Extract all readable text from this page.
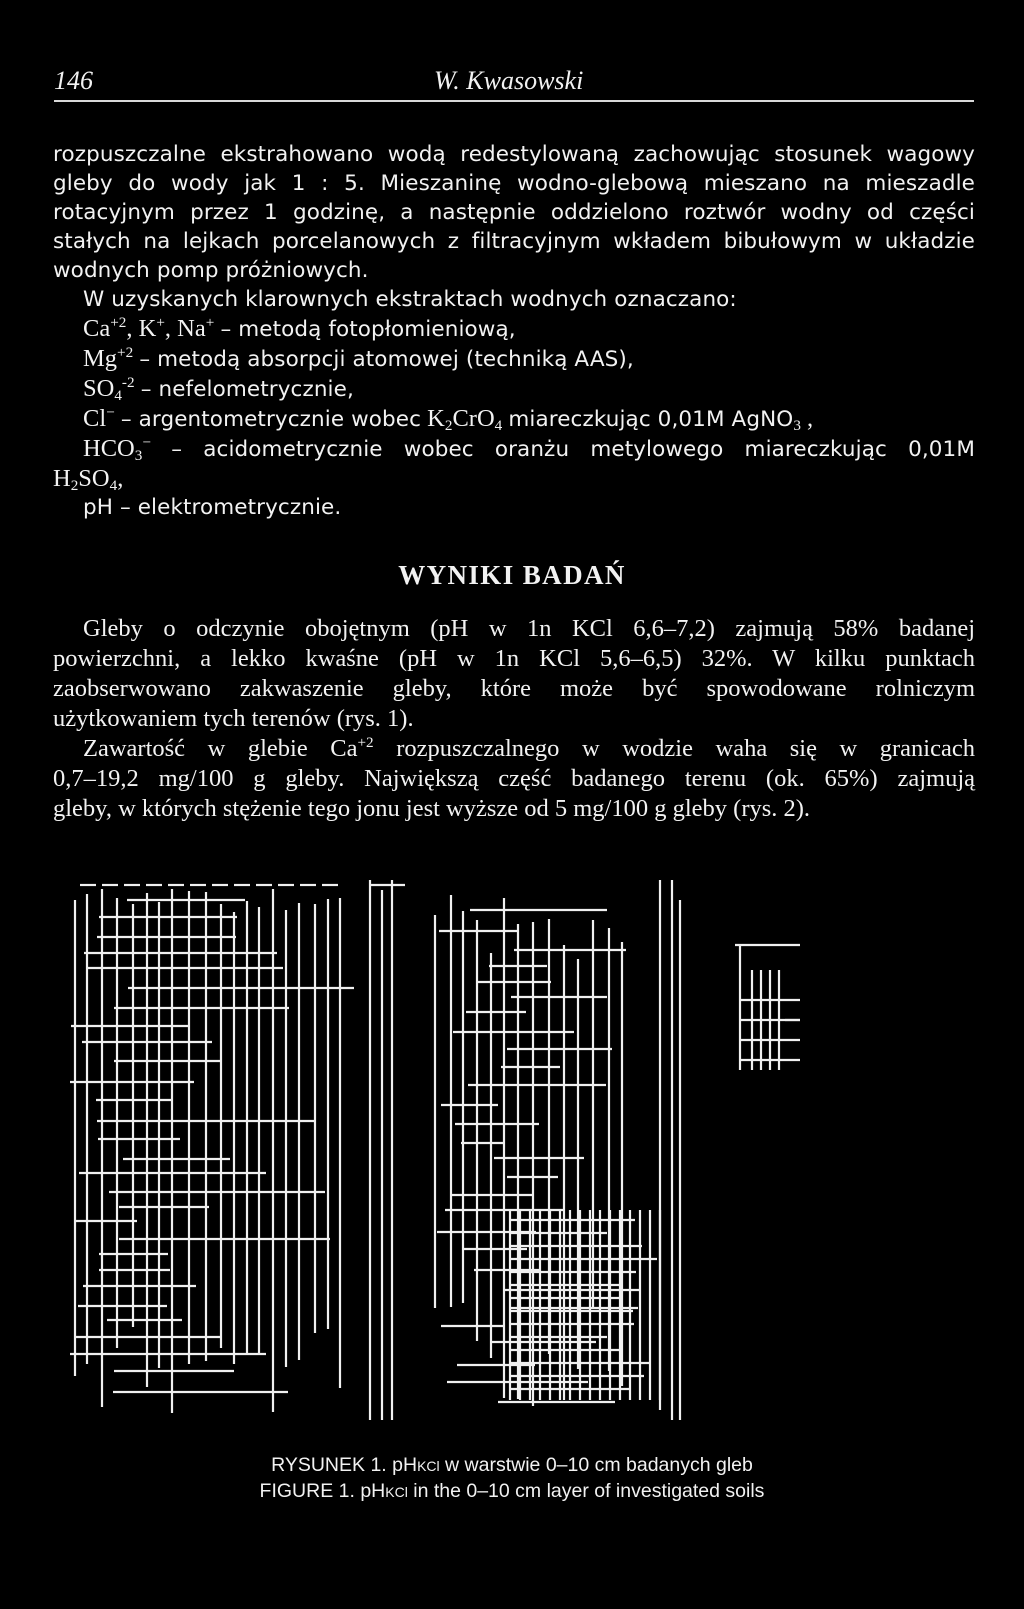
146	W. Kwasowski
rozpuszczalne ekstrahowano wodą redestylowaną zachowując stosunek wagowy
gleby do wody jak 1 : 5. Mieszaninę wodno-glebową mieszano na mieszadle
rotacyjnym przez 1 godzinę, a następnie oddzielono roztwór wodny od części
stałych na lejkach porcelanowych z filtracyjnym wkładem bibułowym w układzie
wodnych pomp próżniowych.
W uzyskanych klarownych ekstraktach wodnych oznaczano:
$Ca^{+2}$, K+, Na+ – metodą fotopłomieniową,
$Mg^{+2}$ – metodą absorpcji atomowej (techniką AAS),
$SO_4^{-2}$ – nefelometrycznie,
Cl− – argentometrycznie wobec $K_2CrO_4$ miareczkując 0,01M AgNO$_3$ ,
$HCO_3^-$ – acidometrycznie wobec oranżu metylowego miareczkując 0,01M
$H_2SO_4$,
pH – elektrometrycznie.
WYNIKI BADAŃ
Gleby o odczynie obojętnym (pH w 1n KCl 6,6–7,2) zajmują 58% badanej
powierzchni, a lekko kwaśne (pH w 1n KCl 5,6–6,5) 32%. W kilku punktach
zaobserwowano zakwaszenie gleby, które może być spowodowane rolniczym
użytkowaniem tych terenów (rys. 1).
Zawartość w glebie $Ca^{+2}$ rozpuszczalnego w wodzie waha się w granicach
0,7–19,2 mg/100 g gleby. Największą część badanego terenu (ok. 65%) zajmują
gleby, w których stężenie tego jonu jest wyższe od 5 mg/100 g gleby (rys. 2).
RYSUNEK 1. pHKCl w warstwie 0–10 cm badanych gleb
FIGURE 1. pHKCl in the 0–10 cm layer of investigated soils
